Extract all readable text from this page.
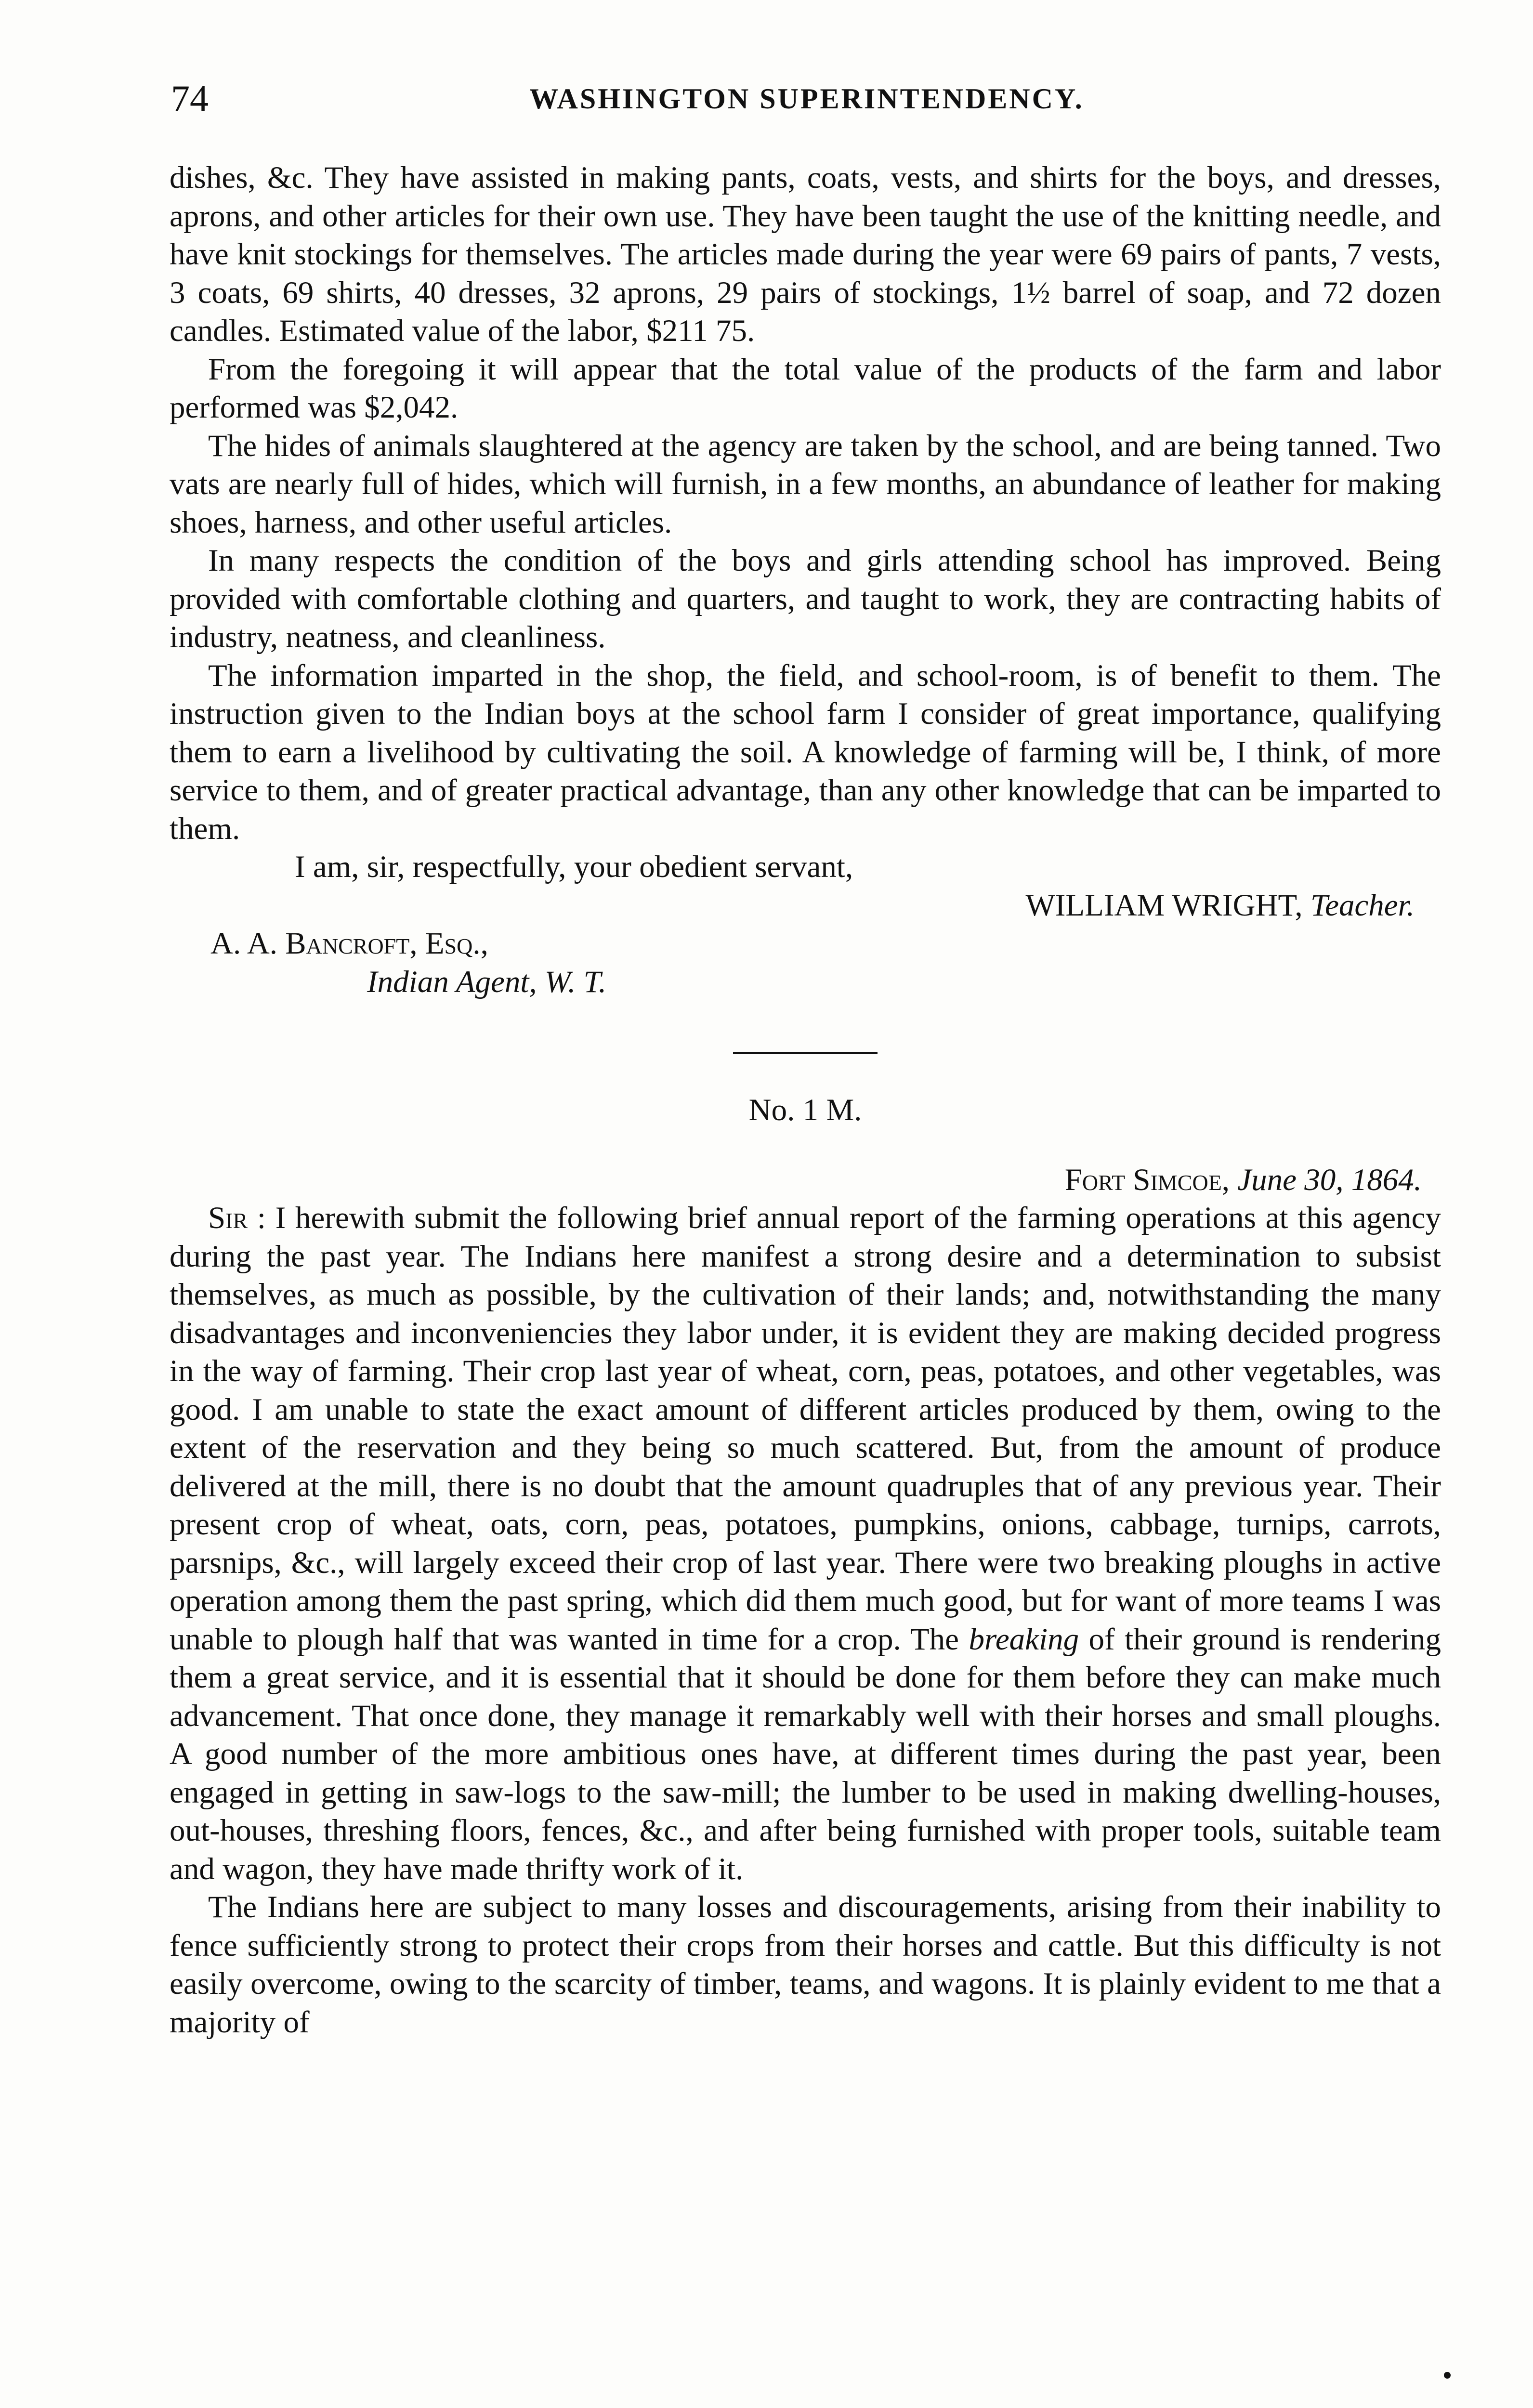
74	WASHINGTON SUPERINTENDENCY.

dishes, &c. They have assisted in making pants, coats, vests, and shirts for the boys, and dresses, aprons, and other articles for their own use. They have been taught the use of the knitting needle, and have knit stockings for themselves. The articles made during the year were 69 pairs of pants, 7 vests, 3 coats, 69 shirts, 40 dresses, 32 aprons, 29 pairs of stockings, 1½ barrel of soap, and 72 dozen candles. Estimated value of the labor, $211 75.

From the foregoing it will appear that the total value of the products of the farm and labor performed was $2,042.

The hides of animals slaughtered at the agency are taken by the school, and are being tanned. Two vats are nearly full of hides, which will furnish, in a few months, an abundance of leather for making shoes, harness, and other useful articles.

In many respects the condition of the boys and girls attending school has improved. Being provided with comfortable clothing and quarters, and taught to work, they are contracting habits of industry, neatness, and cleanliness.

The information imparted in the shop, the field, and school-room, is of benefit to them. The instruction given to the Indian boys at the school farm I consider of great importance, qualifying them to earn a livelihood by cultivating the soil. A knowledge of farming will be, I think, of more service to them, and of greater practical advantage, than any other knowledge that can be imparted to them.

I am, sir, respectfully, your obedient servant,

WILLIAM WRIGHT, Teacher.

A. A. Bancroft, Esq.,

Indian Agent, W. T.

No. 1 M.

Fort Simcoe, June 30, 1864.

Sir : I herewith submit the following brief annual report of the farming operations at this agency during the past year. The Indians here manifest a strong desire and a determination to subsist themselves, as much as possible, by the cultivation of their lands; and, notwithstanding the many disadvantages and inconveniencies they labor under, it is evident they are making decided progress in the way of farming. Their crop last year of wheat, corn, peas, potatoes, and other vegetables, was good. I am unable to state the exact amount of different articles produced by them, owing to the extent of the reservation and they being so much scattered. But, from the amount of produce delivered at the mill, there is no doubt that the amount quadruples that of any previous year. Their present crop of wheat, oats, corn, peas, potatoes, pumpkins, onions, cabbage, turnips, carrots, parsnips, &c., will largely exceed their crop of last year. There were two breaking ploughs in active operation among them the past spring, which did them much good, but for want of more teams I was unable to plough half that was wanted in time for a crop. The breaking of their ground is rendering them a great service, and it is essential that it should be done for them before they can make much advancement. That once done, they manage it remarkably well with their horses and small ploughs. A good number of the more ambitious ones have, at different times during the past year, been engaged in getting in saw-logs to the saw-mill; the lumber to be used in making dwelling-houses, out-houses, threshing floors, fences, &c., and after being furnished with proper tools, suitable team and wagon, they have made thrifty work of it.

The Indians here are subject to many losses and discouragements, arising from their inability to fence sufficiently strong to protect their crops from their horses and cattle. But this difficulty is not easily overcome, owing to the scarcity of timber, teams, and wagons. It is plainly evident to me that a majority of
